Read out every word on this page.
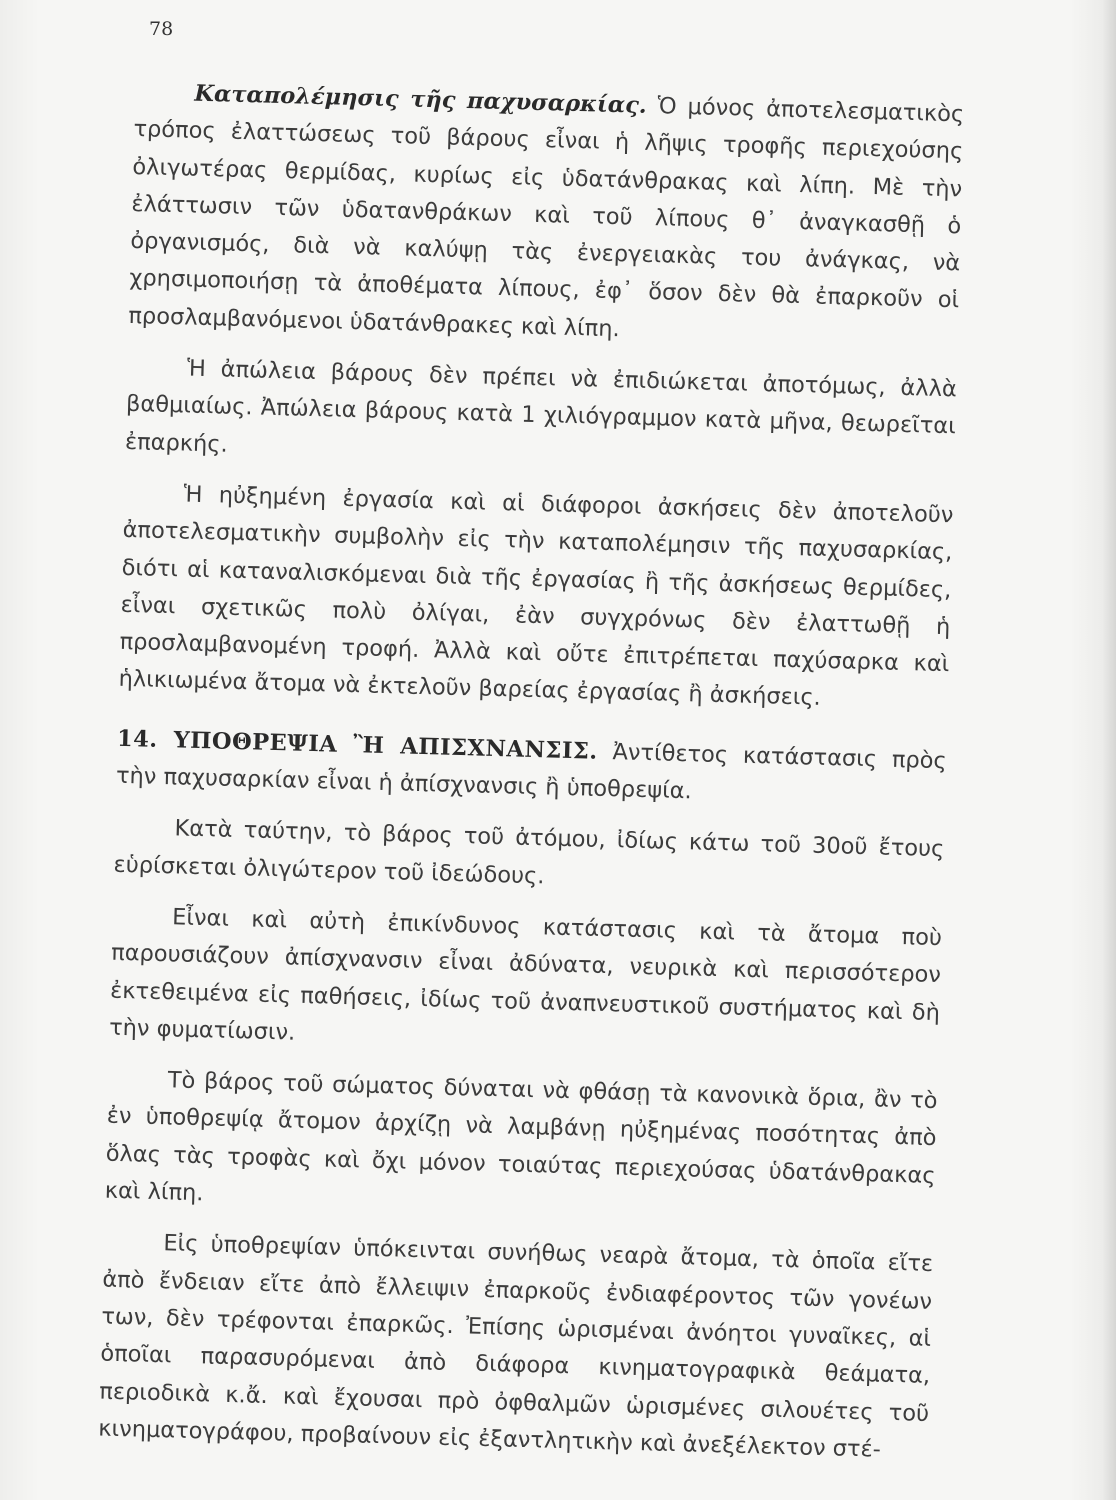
78

Καταπολέμησις τῆς παχυσαρκίας. Ὁ μόνος ἀποτελεσματικὸς τρόπος ἐλαττώσεως τοῦ βάρους εἶναι ἡ λῆψις τροφῆς περιεχούσης ὀλιγωτέρας θερμίδας, κυρίως εἰς ὑδατάνθρακας καὶ λίπη. Μὲ τὴν ἐλάττωσιν τῶν ὑδατανθράκων καὶ τοῦ λίπους θ᾿ ἀναγκασθῇ ὁ ὀργανισμός, διὰ νὰ καλύψῃ τὰς ἐνεργειακὰς του ἀνάγκας, νὰ χρησιμοποιήσῃ τὰ ἀποθέματα λίπους, ἐφ᾿ ὅσον δὲν θὰ ἐπαρκοῦν οἱ προσλαμβανόμενοι ὑδατάνθρακες καὶ λίπη.

Ἡ ἀπώλεια βάρους δὲν πρέπει νὰ ἐπιδιώκεται ἀποτόμως, ἀλλὰ βαθμιαίως. Ἀπώλεια βάρους κατὰ 1 χιλιόγραμμον κατὰ μῆνα, θεωρεῖται ἐπαρκής.

Ἡ ηὐξημένη ἐργασία καὶ αἱ διάφοροι ἀσκήσεις δὲν ἀποτελοῦν ἀποτελεσματικὴν συμβολὴν εἰς τὴν καταπολέμησιν τῆς παχυσαρκίας, διότι αἱ καταναλισκόμεναι διὰ τῆς ἐργασίας ἢ τῆς ἀσκήσεως θερμίδες, εἶναι σχετικῶς πολὺ ὀλίγαι, ἐὰν συγχρόνως δὲν ἐλαττωθῇ ἡ προσλαμβανομένη τροφή. Ἀλλὰ καὶ οὔτε ἐπιτρέπεται παχύσαρκα καὶ ἡλικιωμένα ἄτομα νὰ ἐκτελοῦν βαρείας ἐργασίας ἢ ἀσκήσεις.

14. ΥΠΟΘΡΕΨΙΑ Ἢ ΑΠΙΣΧΝΑΝΣΙΣ. Ἀντίθετος κατάστασις πρὸς τὴν παχυσαρκίαν εἶναι ἡ ἀπίσχνανσις ἢ ὑποθρεψία.

Κατὰ ταύτην, τὸ βάρος τοῦ ἀτόμου, ἰδίως κάτω τοῦ 30οῦ ἔτους εὑρίσκεται ὀλιγώτερον τοῦ ἰδεώδους.

Εἶναι καὶ αὐτὴ ἐπικίνδυνος κατάστασις καὶ τὰ ἄτομα ποὺ παρουσιάζουν ἀπίσχνανσιν εἶναι ἀδύνατα, νευρικὰ καὶ περισσότερον ἐκτεθειμένα εἰς παθήσεις, ἰδίως τοῦ ἀναπνευστικοῦ συστήματος καὶ δὴ τὴν φυματίωσιν.

Τὸ βάρος τοῦ σώματος δύναται νὰ φθάσῃ τὰ κανονικὰ ὅρια, ἂν τὸ ἐν ὑποθρεψίᾳ ἄτομον ἀρχίζῃ νὰ λαμβάνῃ ηὐξημένας ποσότητας ἀπὸ ὅλας τὰς τροφὰς καὶ ὄχι μόνον τοιαύτας περιεχούσας ὑδατάνθρακας καὶ λίπη.

Εἰς ὑποθρεψίαν ὑπόκεινται συνήθως νεαρὰ ἄτομα, τὰ ὁποῖα εἴτε ἀπὸ ἔνδειαν εἴτε ἀπὸ ἔλλειψιν ἐπαρκοῦς ἐνδιαφέροντος τῶν γονέων των, δὲν τρέφονται ἐπαρκῶς. Ἐπίσης ὡρισμέναι ἀνόητοι γυναῖκες, αἱ ὁποῖαι παρασυρόμεναι ἀπὸ διάφορα κινηματογραφικὰ θεάματα, περιοδικὰ κ.ἄ. καὶ ἔχουσαι πρὸ ὀφθαλμῶν ὡρισμένες σιλουέτες τοῦ κινηματογράφου, προβαίνουν εἰς ἐξαντλητικὴν καὶ ἀνεξέλεκτον στέ-
